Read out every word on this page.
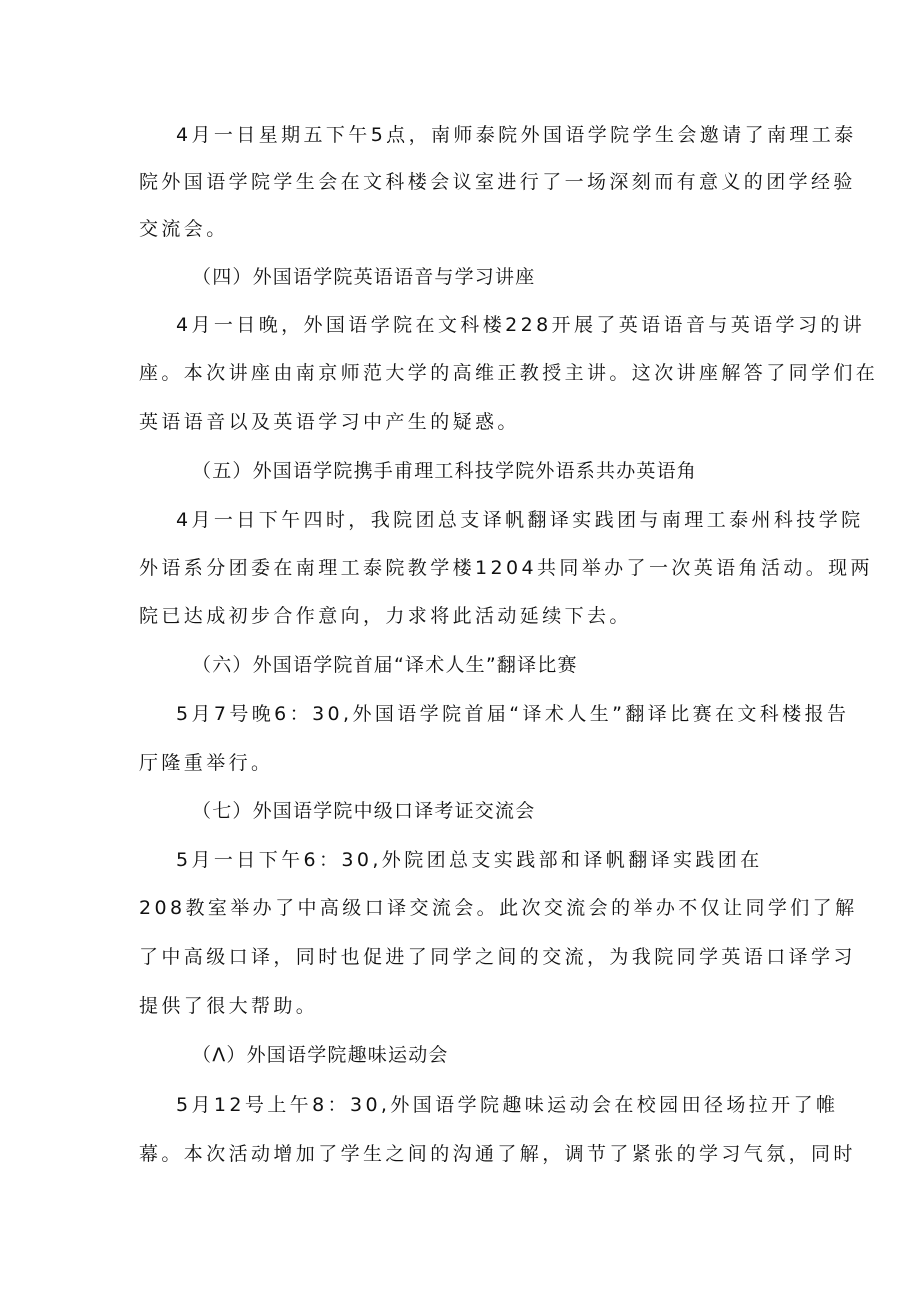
4月一日星期五下午5点，南师泰院外国语学院学生会邀请了南理工泰
院外国语学院学生会在文科楼会议室进行了一场深刻而有意义的团学经验
交流会。
（四）外国语学院英语语音与学习讲座
4月一日晚，外国语学院在文科楼228开展了英语语音与英语学习的讲
座。本次讲座由南京师范大学的高维正教授主讲。这次讲座解答了同学们在
英语语音以及英语学习中产生的疑惑。
（五）外国语学院携手甫理工科技学院外语系共办英语角
4月一日下午四时，我院团总支译帆翻译实践团与南理工泰州科技学院
外语系分团委在南理工泰院教学楼1204共同举办了一次英语角活动。现两
院已达成初步合作意向，力求将此活动延续下去。
（六）外国语学院首届“译术人生”翻译比赛
5月7号晚6：30,外国语学院首届“译术人生”翻译比赛在文科楼报告
厅隆重举行。
（七）外国语学院中级口译考证交流会
5月一日下午6：30,外院团总支实践部和译帆翻译实践团在
208教室举办了中高级口译交流会。此次交流会的举办不仅让同学们了解
了中高级口译，同时也促进了同学之间的交流，为我院同学英语口译学习
提供了很大帮助。
（Λ）外国语学院趣味运动会
5月12号上午8：30,外国语学院趣味运动会在校园田径场拉开了帷
幕。本次活动增加了学生之间的沟通了解，调节了紧张的学习气氛，同时
